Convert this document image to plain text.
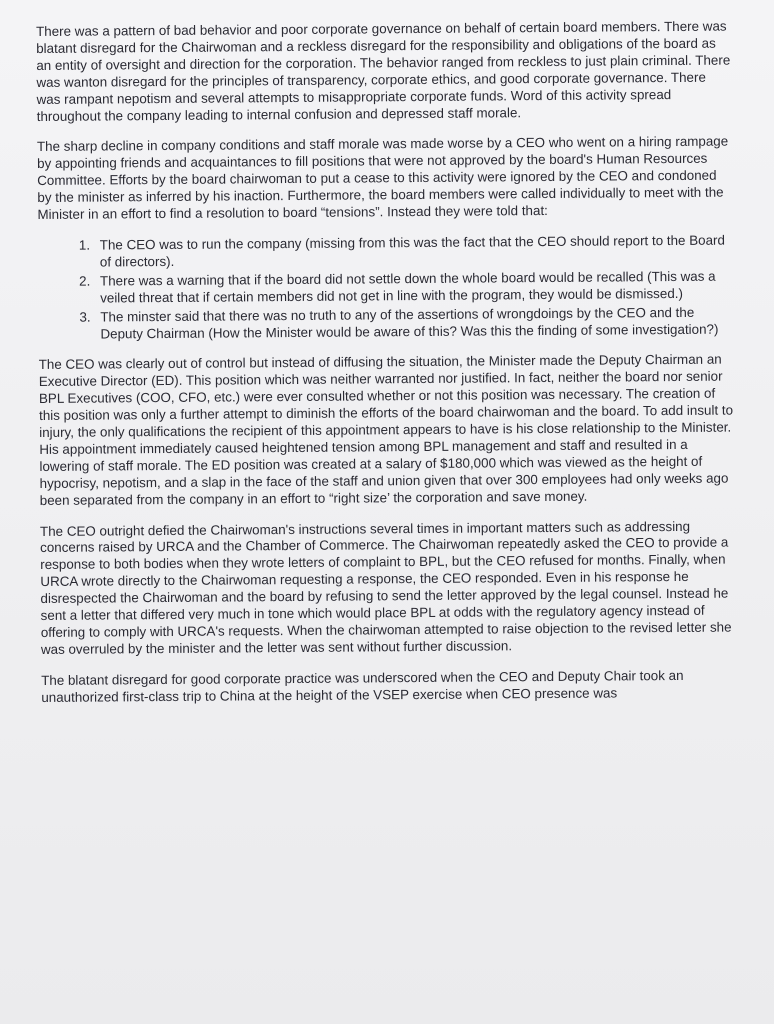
There was a pattern of bad behavior and poor corporate governance on behalf of certain board members. There was blatant disregard for the Chairwoman and a reckless disregard for the responsibility and obligations of the board as an entity of oversight and direction for the corporation. The behavior ranged from reckless to just plain criminal. There was wanton disregard for the principles of transparency, corporate ethics, and good corporate governance. There was rampant nepotism and several attempts to misappropriate corporate funds. Word of this activity spread throughout the company leading to internal confusion and depressed staff morale.

The sharp decline in company conditions and staff morale was made worse by a CEO who went on a hiring rampage by appointing friends and acquaintances to fill positions that were not approved by the board's Human Resources Committee. Efforts by the board chairwoman to put a cease to this activity were ignored by the CEO and condoned by the minister as inferred by his inaction. Furthermore, the board members were called individually to meet with the Minister in an effort to find a resolution to board “tensions”. Instead they were told that:

1. The CEO was to run the company (missing from this was the fact that the CEO should report to the Board of directors).
2. There was a warning that if the board did not settle down the whole board would be recalled (This was a veiled threat that if certain members did not get in line with the program, they would be dismissed.)
3. The minster said that there was no truth to any of the assertions of wrongdoings by the CEO and the Deputy Chairman (How the Minister would be aware of this? Was this the finding of some investigation?)

The CEO was clearly out of control but instead of diffusing the situation, the Minister made the Deputy Chairman an Executive Director (ED). This position which was neither warranted nor justified. In fact, neither the board nor senior BPL Executives (COO, CFO, etc.) were ever consulted whether or not this position was necessary. The creation of this position was only a further attempt to diminish the efforts of the board chairwoman and the board. To add insult to injury, the only qualifications the recipient of this appointment appears to have is his close relationship to the Minister. His appointment immediately caused heightened tension among BPL management and staff and resulted in a lowering of staff morale. The ED position was created at a salary of $180,000 which was viewed as the height of hypocrisy, nepotism, and a slap in the face of the staff and union given that over 300 employees had only weeks ago been separated from the company in an effort to “right size’ the corporation and save money.

The CEO outright defied the Chairwoman's instructions several times in important matters such as addressing concerns raised by URCA and the Chamber of Commerce. The Chairwoman repeatedly asked the CEO to provide a response to both bodies when they wrote letters of complaint to BPL, but the CEO refused for months. Finally, when URCA wrote directly to the Chairwoman requesting a response, the CEO responded. Even in his response he disrespected the Chairwoman and the board by refusing to send the letter approved by the legal counsel. Instead he sent a letter that differed very much in tone which would place BPL at odds with the regulatory agency instead of offering to comply with URCA's requests. When the chairwoman attempted to raise objection to the revised letter she was overruled by the minister and the letter was sent without further discussion.

The blatant disregard for good corporate practice was underscored when the CEO and Deputy Chair took an unauthorized first-class trip to China at the height of the VSEP exercise when CEO presence was
